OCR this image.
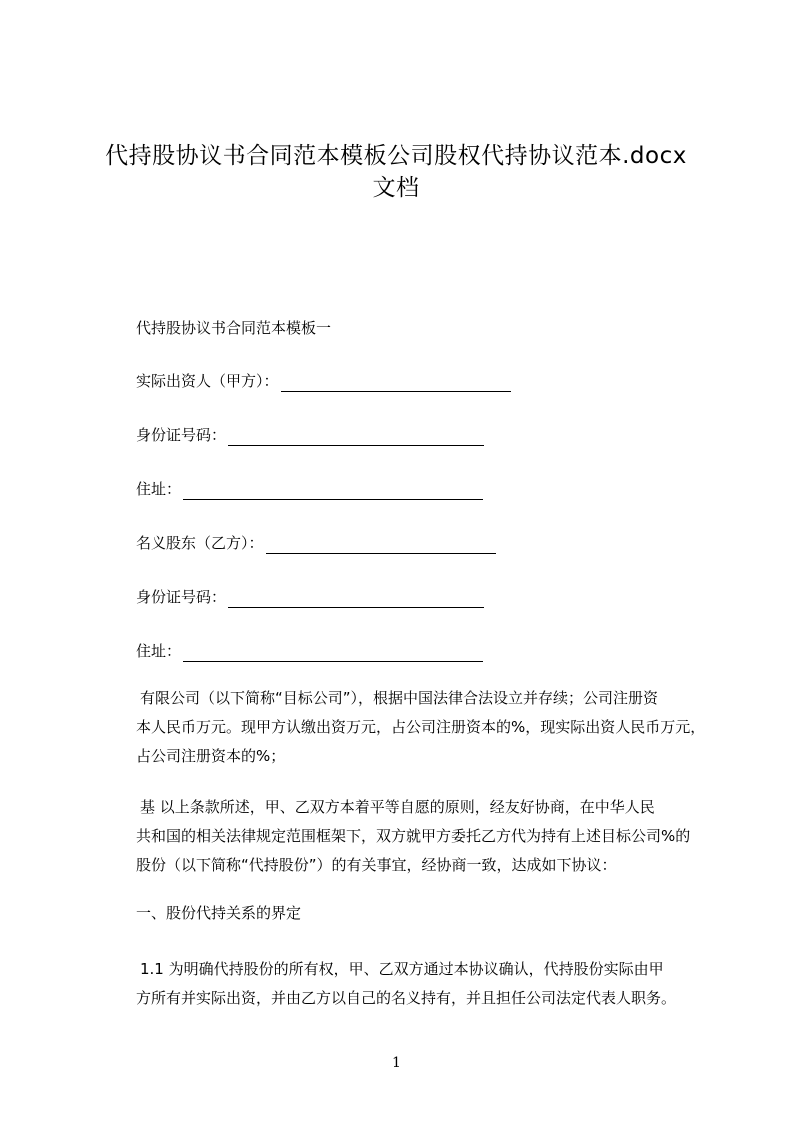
代持股协议书合同范本模板公司股权代持协议范本.docx
文档
代持股协议书合同范本模板一
实际出资人（甲方）：
身份证号码：
住址：
名义股东（乙方）：
身份证号码：
住址：
有限公司（以下简称“目标公司”），根据中国法律合法设立并存续；公司注册资
本人民币万元。现甲方认缴出资万元，占公司注册资本的%，现实际出资人民币万元，
占公司注册资本的%；
基 以上条款所述，甲、乙双方本着平等自愿的原则，经友好协商，在中华人民
共和国的相关法律规定范围框架下，双方就甲方委托乙方代为持有上述目标公司%的
股份（以下简称“代持股份”）的有关事宜，经协商一致，达成如下协议：
一、股份代持关系的界定
1.1 为明确代持股份的所有权，甲、乙双方通过本协议确认，代持股份实际由甲
方所有并实际出资，并由乙方以自己的名义持有，并且担任公司法定代表人职务。
1
